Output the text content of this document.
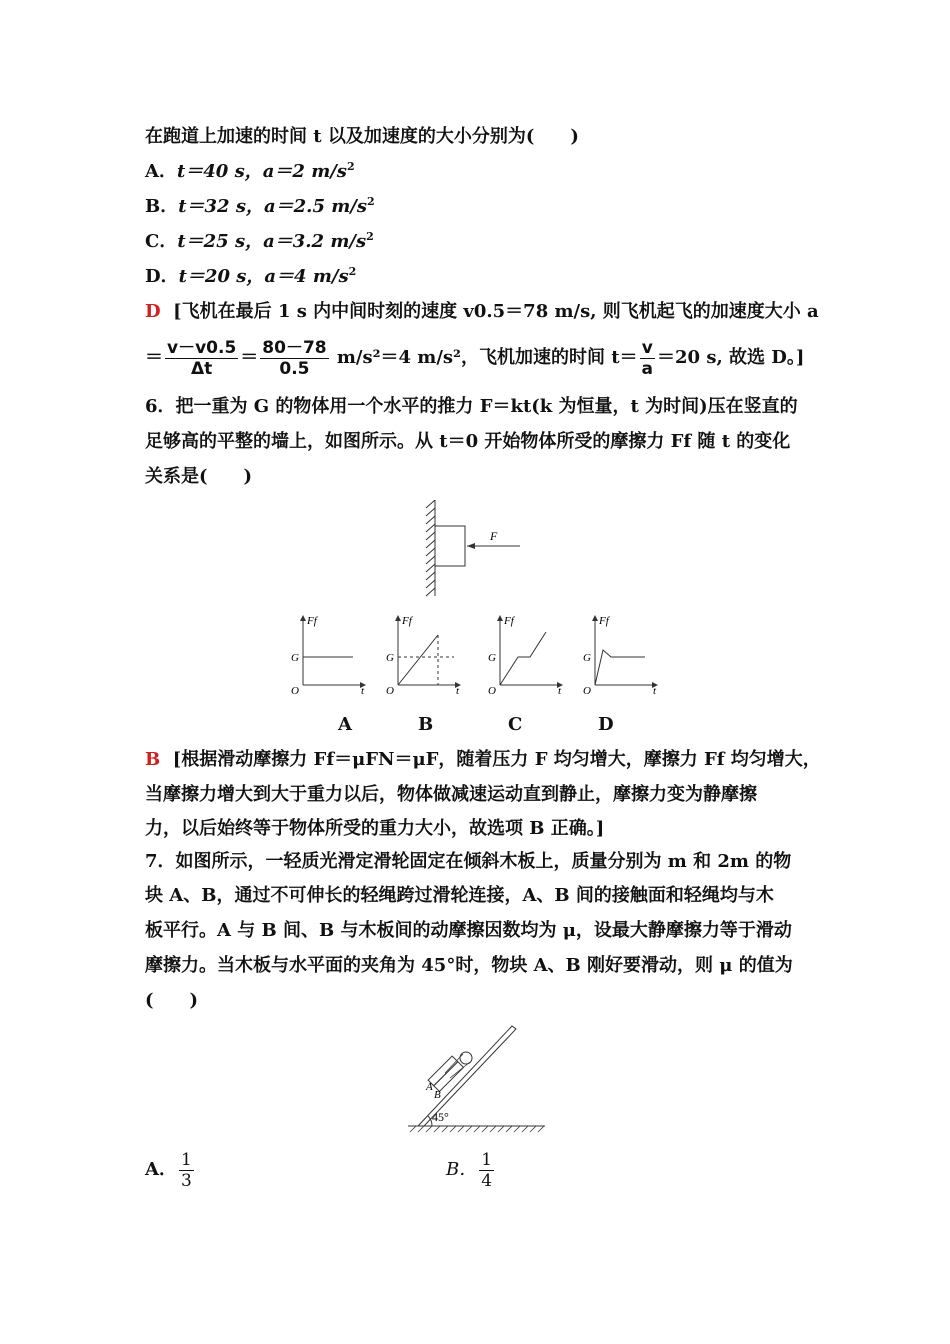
在跑道上加速的时间 t 以及加速度的大小分别为(　　)
A．t＝40 s，a＝2 $m/s^2$
B．t＝32 s，a＝2.5 $m/s^2$
C．t＝25 s，a＝3.2 $m/s^2$
D．t＝20 s，a＝4 $m/s^2$
D [飞机在最后 1 s 内中间时刻的速度 v0.5＝78 m/s, 则飞机起飞的加速度大小 a
＝ $\frac{v-v0.5}{\Delta t} = \frac{80-78}{0.5} m/s^2=4$ m/s²，飞机加速的时间 $t= \frac{v}{a} =20$ s, 故选 D。]
6．把一重为 G 的物体用一个水平的推力 F＝kt(k 为恒量，t 为时间)压在竖直的
足够高的平整的墙上，如图所示。从 t＝0 开始物体所受的摩擦力 Ff 随 t 的变化
关系是(　　)
F
Ff
G
O	t
Ff
G
O	t
Ff
G
O	t
Ff
G
O	t
A	B	C	D
B [根据滑动摩擦力 Ff＝μFN＝μF，随着压力 F 均匀增大，摩擦力 Ff 均匀增大，
当摩擦力增大到大于重力以后，物体做减速运动直到静止，摩擦力变为静摩擦
力，以后始终等于物体所受的重力大小，故选项 B 正确。]
7．如图所示，一轻质光滑定滑轮固定在倾斜木板上，质量分别为 m 和 2m 的物
块 A、B，通过不可伸长的轻绳跨过滑轮连接，A、B 间的接触面和轻绳均与木
板平行。A 与 B 间、B 与木板间的动摩擦因数均为 μ，设最大静摩擦力等于滑动
摩擦力。当木板与水平面的夹角为 45°时，物块 A、B 刚好要滑动，则 μ 的值为
(　　)
45°
A
B
A． $\frac{1}{3}$	B． $\frac{1}{4}$
